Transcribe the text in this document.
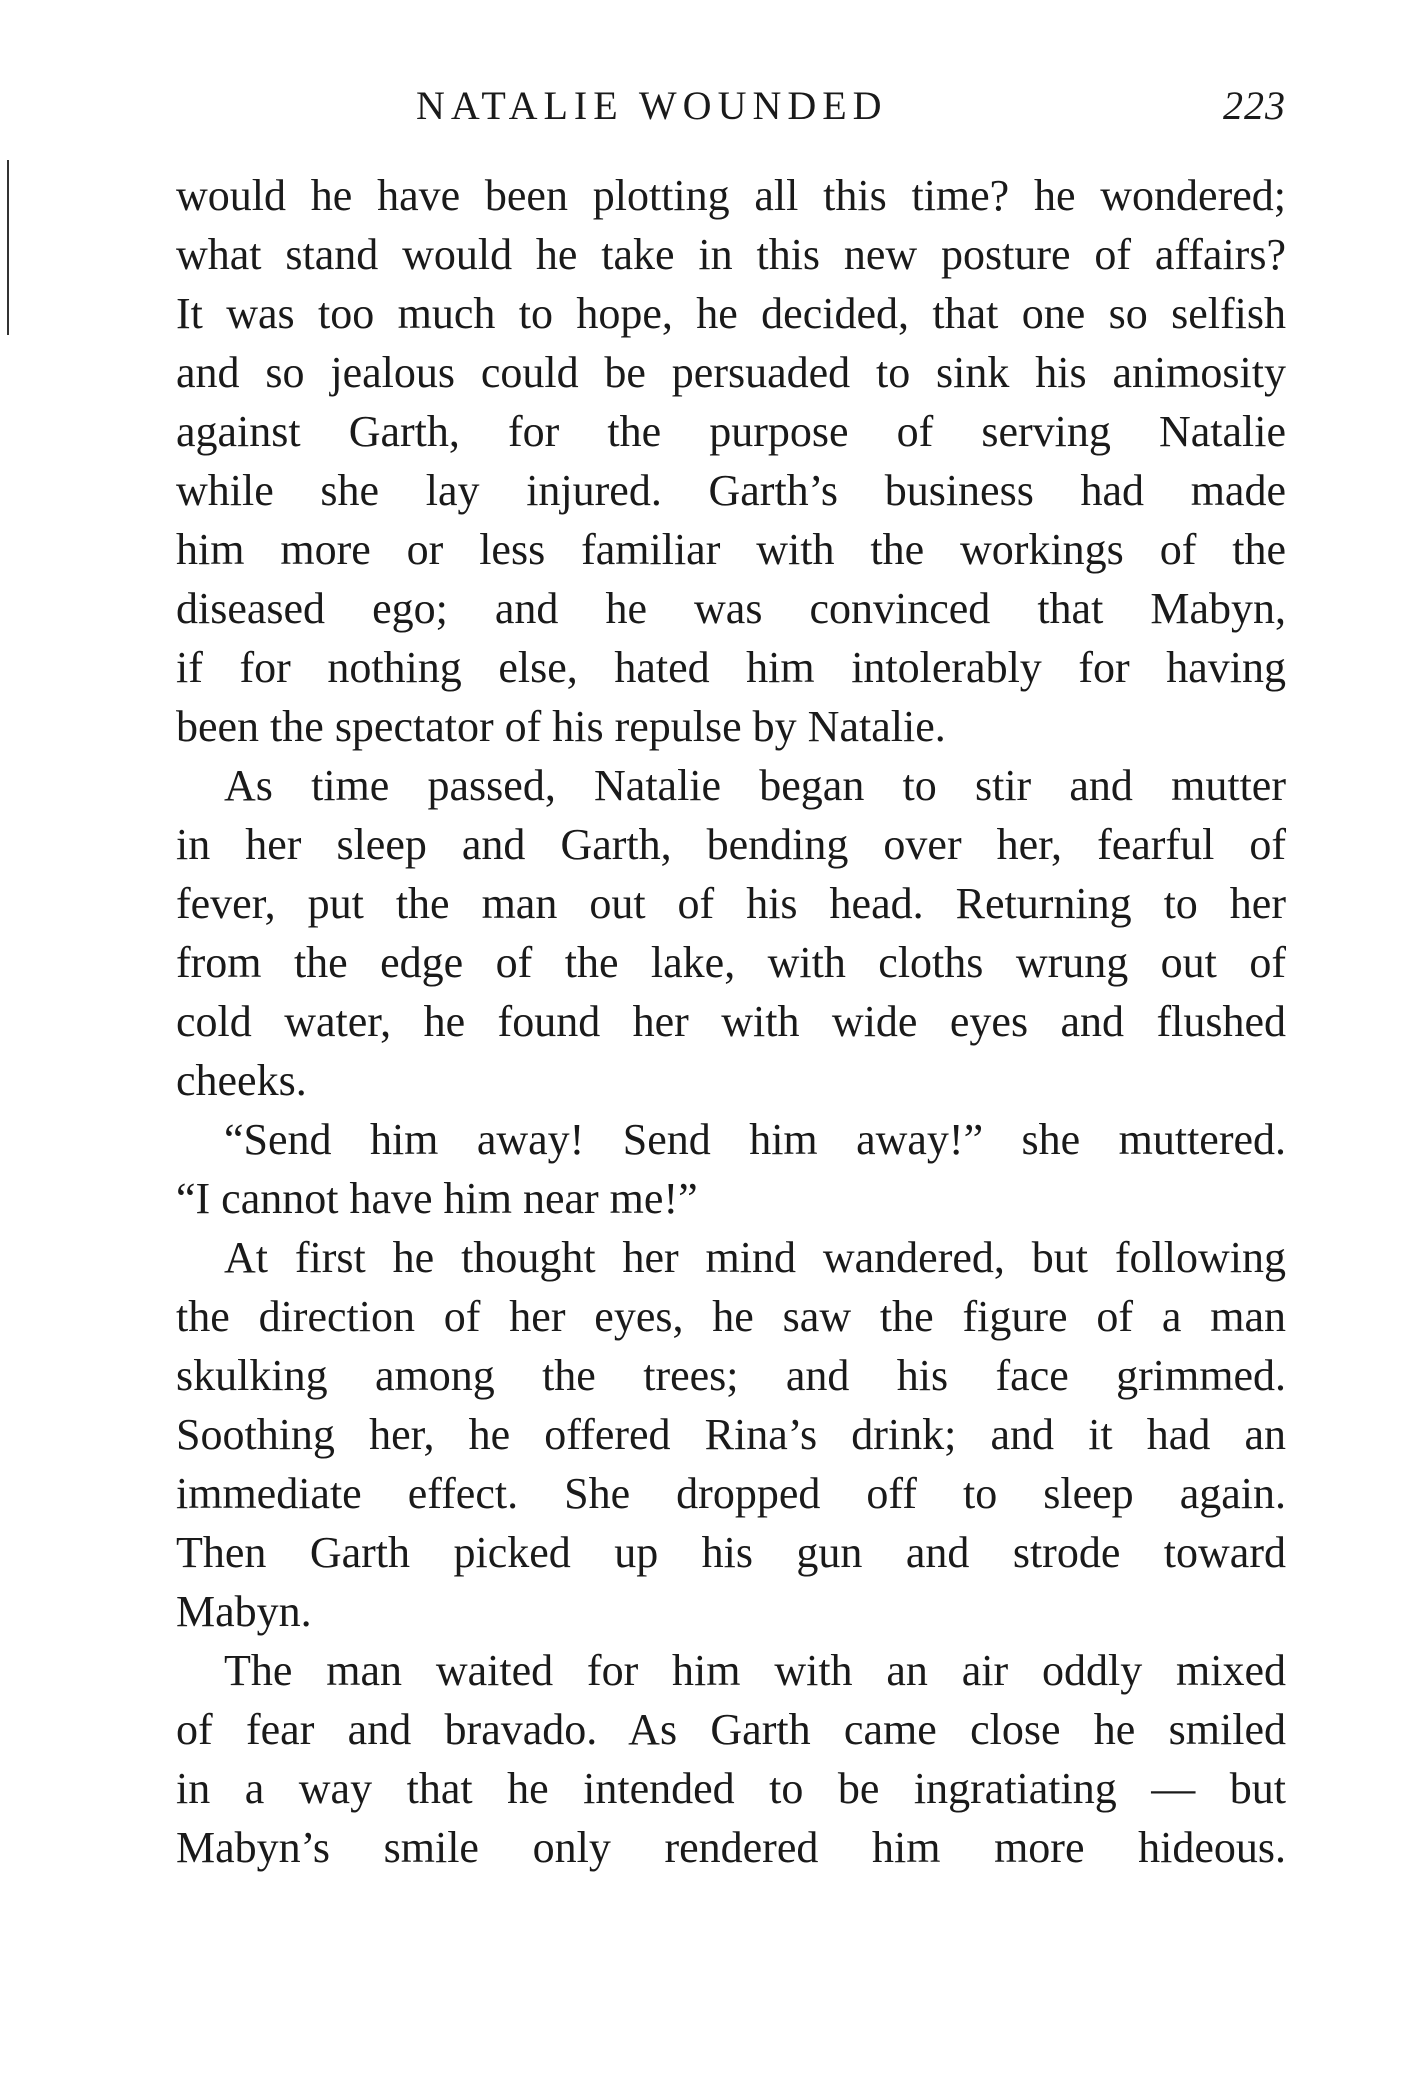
NATALIE WOUNDED	223
would he have been plotting all this time? he wondered;
what stand would he take in this new posture of affairs?
It was too much to hope, he decided, that one so selfish
and so jealous could be persuaded to sink his animosity
against Garth, for the purpose of serving Natalie
while she lay injured. Garth’s business had made
him more or less familiar with the workings of the
diseased ego; and he was convinced that Mabyn,
if for nothing else, hated him intolerably for having
been the spectator of his repulse by Natalie.
As time passed, Natalie began to stir and mutter
in her sleep and Garth, bending over her, fearful of
fever, put the man out of his head. Returning to her
from the edge of the lake, with cloths wrung out of
cold water, he found her with wide eyes and flushed
cheeks.
“Send him away! Send him away!” she muttered.
“I cannot have him near me!”
At first he thought her mind wandered, but following
the direction of her eyes, he saw the figure of a man
skulking among the trees; and his face grimmed.
Soothing her, he offered Rina’s drink; and it had an
immediate effect. She dropped off to sleep again.
Then Garth picked up his gun and strode toward
Mabyn.
The man waited for him with an air oddly mixed
of fear and bravado. As Garth came close he smiled
in a way that he intended to be ingratiating — but
Mabyn’s smile only rendered him more hideous.
